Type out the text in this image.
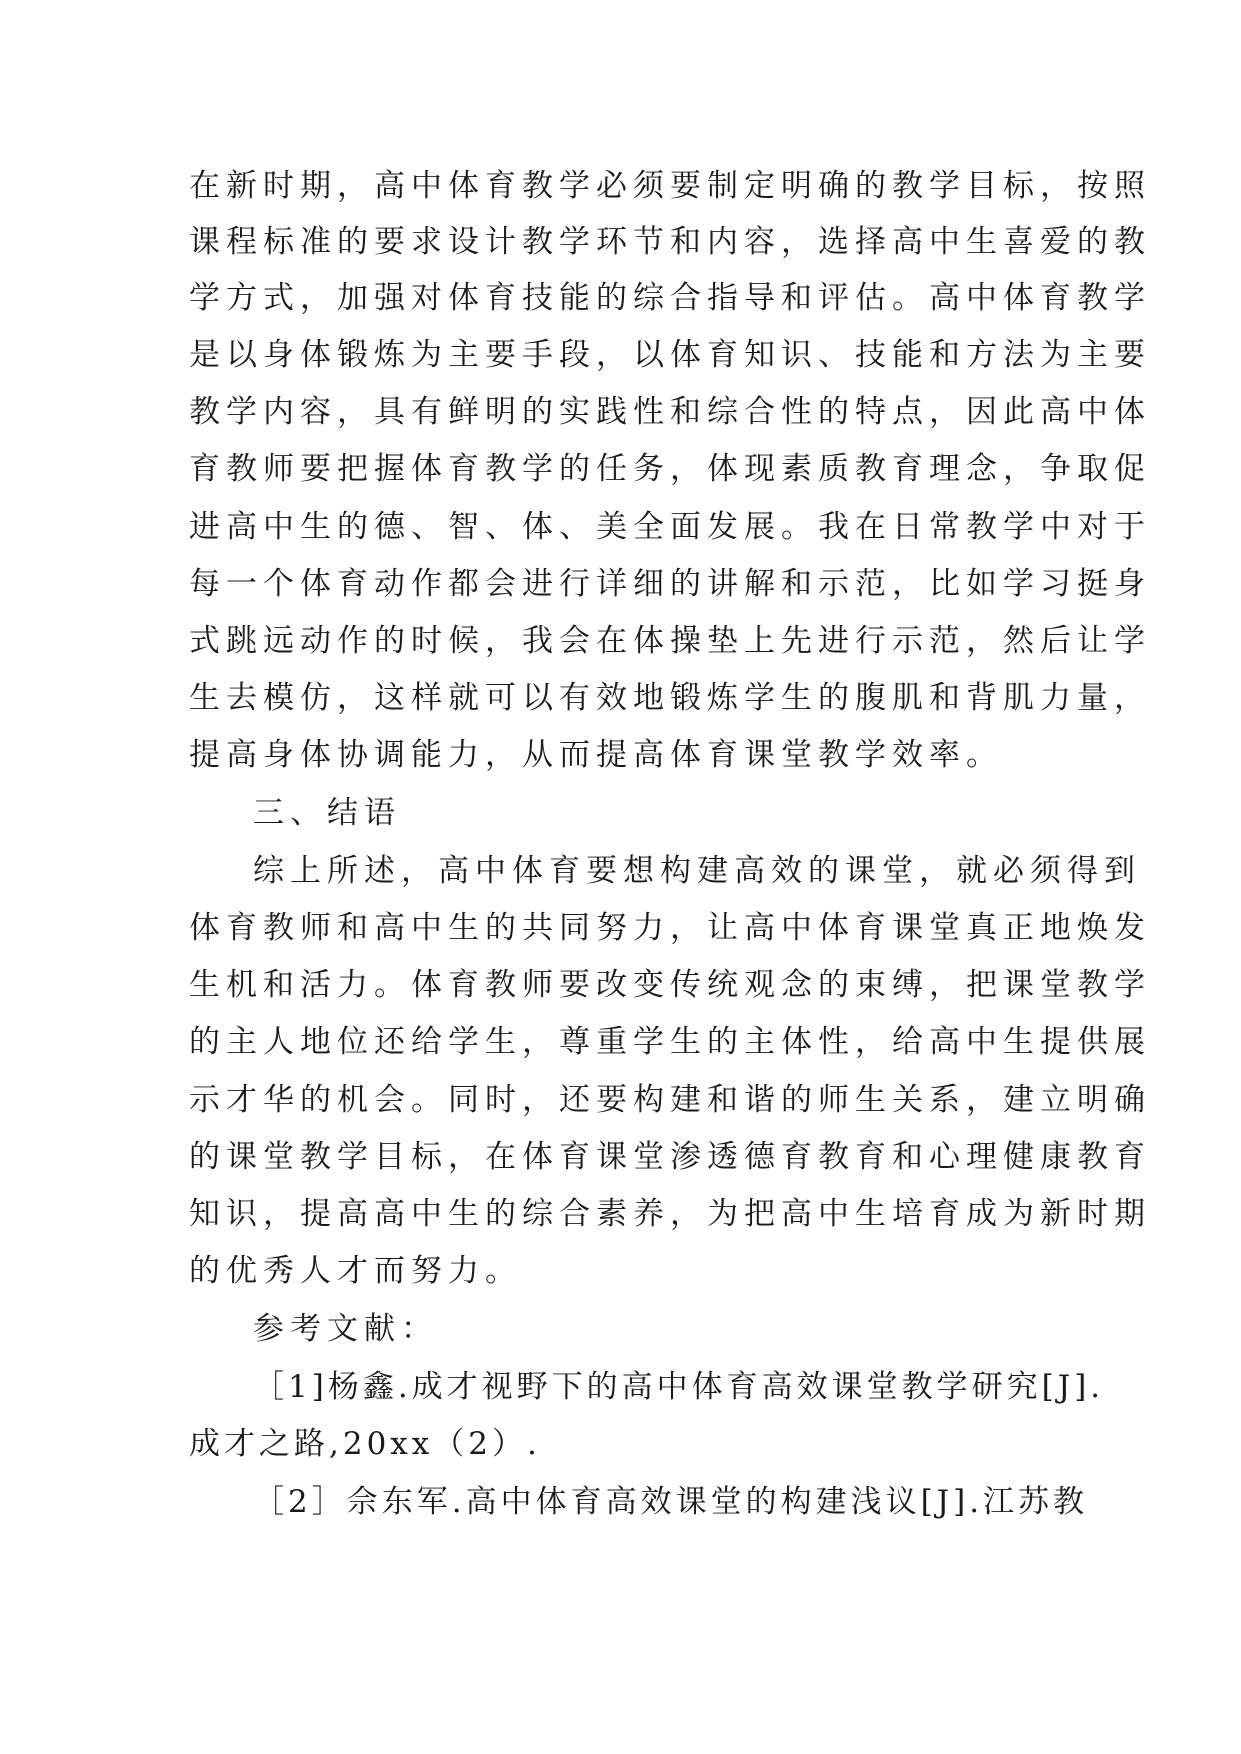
在新时期，高中体育教学必须要制定明确的教学目标，按照
课程标准的要求设计教学环节和内容，选择高中生喜爱的教
学方式，加强对体育技能的综合指导和评估。高中体育教学
是以身体锻炼为主要手段，以体育知识、技能和方法为主要
教学内容，具有鲜明的实践性和综合性的特点，因此高中体
育教师要把握体育教学的任务，体现素质教育理念，争取促
进高中生的德、智、体、美全面发展。我在日常教学中对于
每一个体育动作都会进行详细的讲解和示范，比如学习挺身
式跳远动作的时候，我会在体操垫上先进行示范，然后让学
生去模仿，这样就可以有效地锻炼学生的腹肌和背肌力量，
提高身体协调能力，从而提高体育课堂教学效率。
三、结语
综上所述，高中体育要想构建高效的课堂，就必须得到
体育教师和高中生的共同努力，让高中体育课堂真正地焕发
生机和活力。体育教师要改变传统观念的束缚，把课堂教学
的主人地位还给学生，尊重学生的主体性，给高中生提供展
示才华的机会。同时，还要构建和谐的师生关系，建立明确
的课堂教学目标，在体育课堂渗透德育教育和心理健康教育
知识，提高高中生的综合素养，为把高中生培育成为新时期
的优秀人才而努力。
参考文献：
［1]杨鑫.成才视野下的高中体育高效课堂教学研究[J].
成才之路,20xx（2）.
［2］佘东军.高中体育高效课堂的构建浅议[J].江苏教
